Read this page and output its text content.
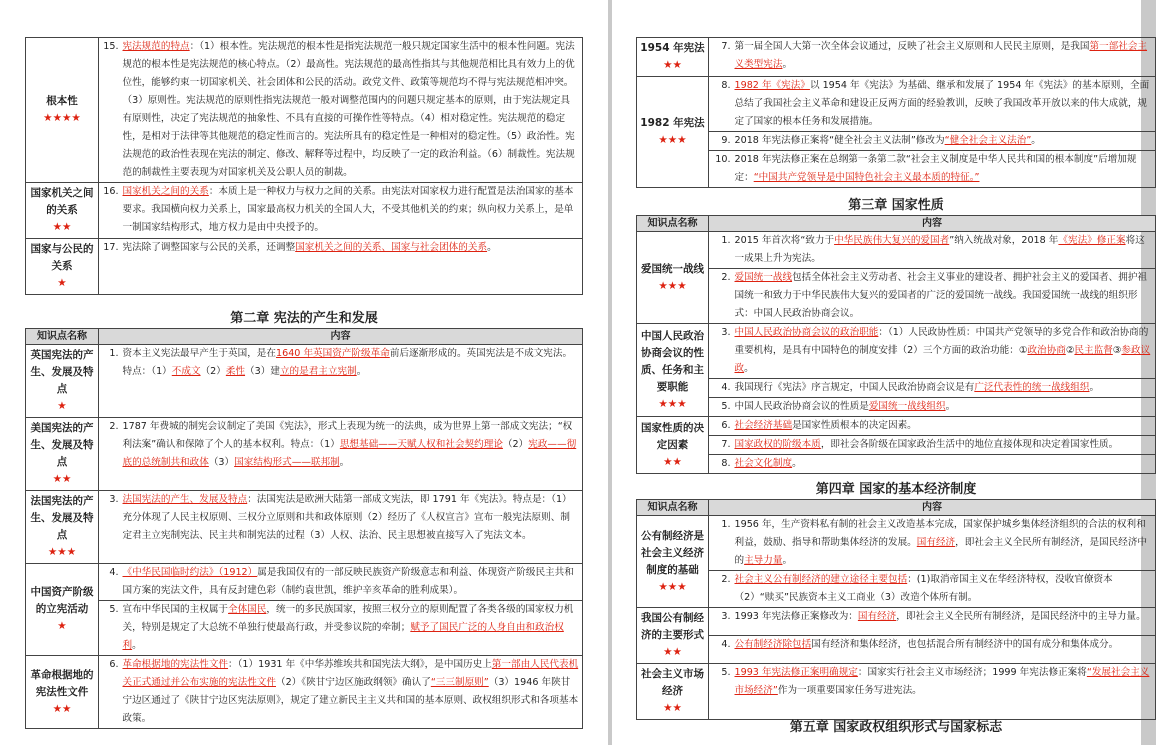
根本性
★★★★	15.	宪法规范的特点：（1）根本性。宪法规范的根本性是指宪法规范一般只规定国家生活中的根本性问题。宪法规范的根本性是宪法规范的核心特点。（2）最高性。宪法规范的最高性指其与其他规范相比具有效力上的优位性，能够约束一切国家机关、社会团体和公民的活动。政党文件、政策等规范均不得与宪法规范相冲突。（3）原则性。宪法规范的原则性指宪法规范一般对调整范围内的问题只规定基本的原则，由于宪法规定具有原则性，决定了宪法规范的抽象性、不具有直接的可操作性等特点。（4）相对稳定性。宪法规范的稳定性，是相对于法律等其他规范的稳定性而言的。宪法所具有的稳定性是一种相对的稳定性。（5）政治性。宪法规范的政治性表现在宪法的制定、修改、解释等过程中，均反映了一定的政治利益。（6）制裁性。宪法规范的制裁性主要表现为对国家机关及公职人员的制裁。
国家机关之间的关系
★★	16.	国家机关之间的关系：本质上是一种权力与权力之间的关系。由宪法对国家权力进行配置是法治国家的基本要求。我国横向权力关系上，国家最高权力机关的全国人大，不受其他机关的约束；纵向权力关系上，是单一制国家结构形式，地方权力是由中央授予的。
国家与公民的关系
★	17.	宪法除了调整国家与公民的关系，还调整国家机关之间的关系、国家与社会团体的关系。
第二章 宪法的产生和发展
知识点名称	内容	
英国宪法的产生、发展及特点
★	1.	资本主义宪法最早产生于英国，是在1640 年英国资产阶级革命前后逐渐形成的。英国宪法是不成文宪法。特点：（1）不成文（2）柔性（3）建立的是君主立宪制。
美国宪法的产生、发展及特点
★★	2.	1787 年费城的制宪会议制定了美国《宪法》，形式上表现为统一的法典，成为世界上第一部成文宪法；“权利法案”确认和保障了个人的基本权利。特点：（1）思想基础——天赋人权和社会契约理论（2）宪政——彻底的总统制共和政体（3）国家结构形式——联邦制。
法国宪法的产生、发展及特点
★★★	3.	法国宪法的产生、发展及特点：法国宪法是欧洲大陆第一部成文宪法，即 1791 年《宪法》。特点是：（1）充分体现了人民主权原则、三权分立原则和共和政体原则（2）经历了《人权宣言》宣布一般宪法原则、制定君主立宪制宪法、民主共和制宪法的过程（3）人权、法治、民主思想被直接写入了宪法文本。
中国资产阶级的立宪活动
★	4.	《中华民国临时约法》（1912）属是我国仅有的一部反映民族资产阶级意志和利益、体现资产阶级民主共和国方案的宪法文件，具有反封建色彩（制约袁世凯，维护辛亥革命的胜利成果）。
	5.	宣布中华民国的主权属于全体国民，统一的多民族国家，按照三权分立的原则配置了各类各级的国家权力机关，特别是规定了大总统不单独行使最高行政，并受参议院的牵制；赋予了国民广泛的人身自由和政治权利。
革命根据地的宪法性文件
★★	6.	革命根据地的宪法性文件：（1）1931 年《中华苏维埃共和国宪法大纲》，是中国历史上第一部由人民代表机关正式通过并公布实施的宪法性文件（2）《陕甘宁边区施政纲领》确认了“三三制原则”（3）1946 年陕甘宁边区通过了《陕甘宁边区宪法原则》，规定了建立新民主主义共和国的基本原则、政权组织形式和各项基本政策。
1954 年宪法
★★	7.	第一届全国人大第一次全体会议通过，反映了社会主义原则和人民民主原则，是我国第一部社会主义类型宪法。
1982 年宪法
★★★	8.	1982 年《宪法》以 1954 年《宪法》为基础、继承和发展了 1954 年《宪法》的基本原则，全面总结了我国社会主义革命和建设正反两方面的经验教训，反映了我国改革开放以来的伟大成就，规定了国家的根本任务和发展措施。
	9.	2018 年宪法修正案将“健全社会主义法制”修改为“健全社会主义法治”。
	10.	2018 年宪法修正案在总纲第一条第二款“社会主义制度是中华人民共和国的根本制度”后增加规定：“中国共产党领导是中国特色社会主义最本质的特征。”
第三章 国家性质
知识点名称	内容	
爱国统一战线
★★★	1.	2015 年首次将“致力于中华民族伟大复兴的爱国者”纳入统战对象，2018 年《宪法》修正案将这一成果上升为宪法。
	2.	爱国统一战线包括全体社会主义劳动者、社会主义事业的建设者、拥护社会主义的爱国者、拥护祖国统一和致力于中华民族伟大复兴的爱国者的广泛的爱国统一战线。我国爱国统一战线的组织形式：中国人民政治协商会议。
中国人民政治协商会议的性质、任务和主要职能
★★★	3.	中国人民政治协商会议的政治职能：（1）人民政协性质：中国共产党领导的多党合作和政治协商的重要机构，是具有中国特色的制度安排（2）三个方面的政治功能：①政治协商②民主监督③参政议政。
	4.	我国现行《宪法》序言规定，中国人民政治协商会议是有广泛代表性的统一战线组织。
	5.	中国人民政治协商会议的性质是爱国统一战线组织。
国家性质的决定因素
★★	6.	社会经济基础是国家性质根本的决定因素。
	7.	国家政权的阶级本质，即社会各阶级在国家政治生活中的地位直接体现和决定着国家性质。
	8.	社会文化制度。
第四章 国家的基本经济制度
知识点名称	内容	
公有制经济是社会主义经济制度的基础
★★★	1.	1956 年，生产资料私有制的社会主义改造基本完成，国家保护城乡集体经济组织的合法的权利和利益，鼓励、指导和帮助集体经济的发展。国有经济，即社会主义全民所有制经济，是国民经济中的主导力量。
	2.	社会主义公有制经济的建立途径主要包括：(1)取消帝国主义在华经济特权，没收官僚资本（2）“赎买”民族资本主义工商业（3）改造个体所有制。
我国公有制经济的主要形式
★★	3.	1993 年宪法修正案修改为：国有经济，即社会主义全民所有制经济，是国民经济中的主导力量。
	4.	公有制经济除包括国有经济和集体经济，也包括混合所有制经济中的国有成分和集体成分。
社会主义市场经济
★★	5.	1993 年宪法修正案明确规定：国家实行社会主义市场经济；1999 年宪法修正案将“发展社会主义市场经济”作为一项重要国家任务写进宪法。
第五章 国家政权组织形式与国家标志
